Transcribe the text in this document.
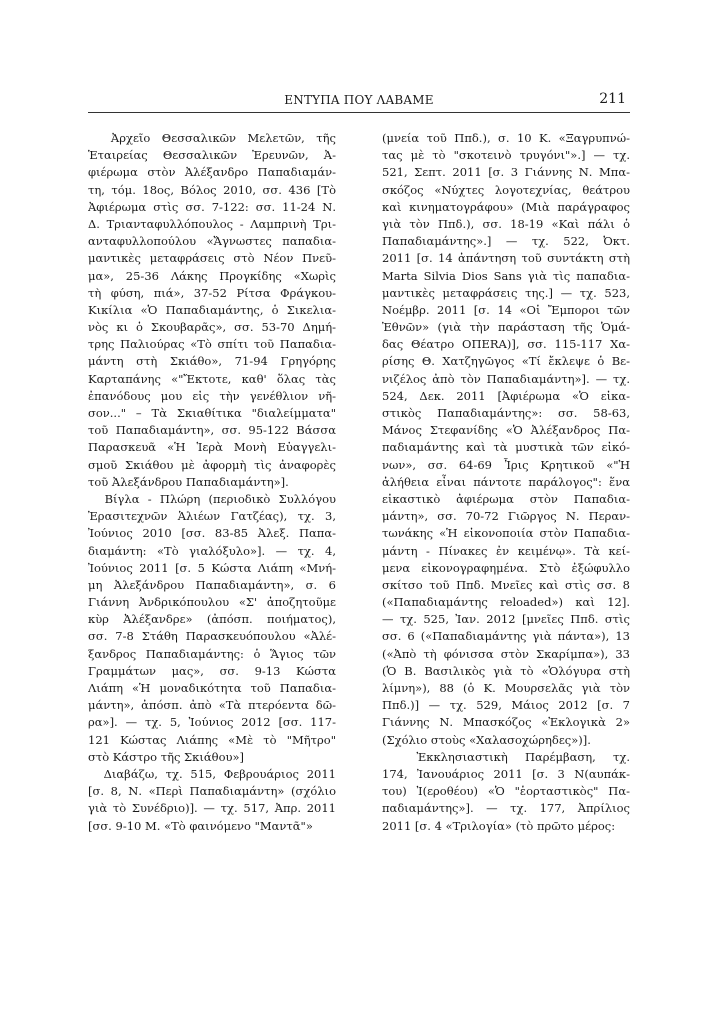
ΕΝΤΥΠΑ ΠΟΥ ΛΑΒΑΜΕ	211
Ἀρχεῖο Θεσσαλικῶν Μελετῶν, τῆς
Ἑταιρείας Θεσσαλικῶν Ἐρευνῶν, Ἀ-
φιέρωμα στὸν Ἀλέξανδρο Παπαδιαμάν-
τη, τόμ. 18ος, Βόλος 2010, σσ. 436 [Τὸ
Ἀφιέρωμα στὶς σσ. 7-122: σσ. 11-24 Ν.
Δ. Τριανταφυλλόπουλος - Λαμπρινὴ Τρι-
ανταφυλλοπούλου «Ἄγνωστες παπαδια-
μαντικὲς μεταφράσεις στὸ Νέον Πνεῦ-
μα», 25-36 Λάκης Προγκίδης «Χωρὶς
τὴ φύση, πιά», 37-52 Ρίτσα Φράγκου-
Κικίλια «Ὁ Παπαδιαμάντης, ὁ Σικελια-
νὸς κι ὁ Σκουβαρᾶς», σσ. 53-70 Δημή-
τρης Παλιούρας «Τὸ σπίτι τοῦ Παπαδια-
μάντη στὴ Σκιάθο», 71-94 Γρηγόρης
Καρταπάνης «"Ἔκτοτε, καθ' ὅλας τὰς
ἐπανόδους μου εἰς τὴν γενέθλιον νῆ-
σον..." – Τὰ Σκιαθίτικα "διαλείμματα"
τοῦ Παπαδιαμάντη», σσ. 95-122 Βάσσα
Παρασκευᾶ «Ἡ Ἱερὰ Μονὴ Εὐαγγελι-
σμοῦ Σκιάθου μὲ ἀφορμὴ τὶς ἀναφορὲς
τοῦ Ἀλεξάνδρου Παπαδιαμάντη»].
Βίγλα - Πλώρη (περιοδικὸ Συλλόγου
Ἐρασιτεχνῶν Ἁλιέων Γατζέας), τχ. 3,
Ἰούνιος 2010 [σσ. 83-85 Ἀλεξ. Παπα-
διαμάντη: «Τὸ γιαλόξυλο»]. — τχ. 4,
Ἰούνιος 2011 [σ. 5 Κώστα Λιάπη «Μνή-
μη Ἀλεξάνδρου Παπαδιαμάντη», σ. 6
Γιάννη Ἀνδρικόπουλου «Σ' ἀποζητοῦμε
κὺρ Ἀλέξανδρε» (ἀπόσπ. ποιήματος),
σσ. 7-8 Στάθη Παρασκευόπουλου «Ἀλέ-
ξανδρος Παπαδιαμάντης: ὁ Ἅγιος τῶν
Γραμμάτων μας», σσ. 9-13 Κώστα
Λιάπη «Ἡ μοναδικότητα τοῦ Παπαδια-
μάντη», ἀπόσπ. ἀπὸ «Τὰ πτερόεντα δῶ-
ρα»]. — τχ. 5, Ἰούνιος 2012 [σσ. 117-
121 Κώστας Λιάπης «Μὲ τὸ "Μῆτρο"
στὸ Κάστρο τῆς Σκιάθου»]
Διαβάζω, τχ. 515, Φεβρουάριος 2011
[σ. 8, Ν. «Περὶ Παπαδιαμάντη» (σχόλιο
γιὰ τὸ Συνέδριο)]. — τχ. 517, Ἀπρ. 2011
[σσ. 9-10 Μ. «Τὸ φαινόμενο "Μαντᾶ"»
(μνεία τοῦ Ππδ.), σ. 10 Κ. «Ξαγρυπνώ-
τας μὲ τὸ "σκοτεινὸ τρυγόνι"».] — τχ.
521, Σεπτ. 2011 [σ. 3 Γιάννης Ν. Μπα-
σκόζος «Νύχτες λογοτεχνίας, θεάτρου
καὶ κινηματογράφου» (Μιὰ παράγραφος
γιὰ τὸν Ππδ.), σσ. 18-19 «Καὶ πάλι ὁ
Παπαδιαμάντης».] — τχ. 522, Ὀκτ.
2011 [σ. 14 ἀπάντηση τοῦ συντάκτη στὴ
Marta Silvia Dios Sans γιὰ τὶς παπαδια-
μαντικὲς μεταφράσεις της.] — τχ. 523,
Νοέμβρ. 2011 [σ. 14 «Οἱ Ἔμποροι τῶν
Ἐθνῶν» (γιὰ τὴν παράσταση τῆς Ὁμά-
δας Θέατρο ΟΠΕRA)], σσ. 115-117 Χα-
ρίσης Θ. Χατζηγῶγος «Τί ἔκλεψε ὁ Βε-
νιζέλος ἀπὸ τὸν Παπαδιαμάντη»]. — τχ.
524, Δεκ. 2011 [Ἀφιέρωμα «Ὁ εἰκα-
στικὸς Παπαδιαμάντης»: σσ. 58-63,
Μάνος Στεφανίδης «Ὁ Ἀλέξανδρος Πα-
παδιαμάντης καὶ τὰ μυστικὰ τῶν εἰκό-
νων», σσ. 64-69 Ἶρις Κρητικοῦ «"Ἡ
ἀλήθεια εἶναι πάντοτε παράλογος": ἕνα
εἰκαστικὸ ἀφιέρωμα στὸν Παπαδια-
μάντη», σσ. 70-72 Γιῶργος Ν. Περαν-
τωνάκης «Ἡ εἰκονοποιία στὸν Παπαδια-
μάντη - Πίνακες ἐν κειμένῳ». Τὰ κεί-
μενα εἰκονογραφημένα. Στὸ ἐξώφυλλο
σκίτσο τοῦ Ππδ. Μνεῖες καὶ στὶς σσ. 8
(«Παπαδιαμάντης reloaded») καὶ 12].
— τχ. 525, Ἰαν. 2012 [μνεῖες Ππδ. στὶς
σσ. 6 («Παπαδιαμάντης γιὰ πάντα»), 13
(«Ἀπὸ τὴ φόνισσα στὸν Σκαρίμπα»), 33
(Ὁ Β. Βασιλικὸς γιὰ τὸ «Ὁλόγυρα στὴ
λίμνη»), 88 (ὁ Κ. Μουρσελᾶς γιὰ τὸν
Ππδ.)] — τχ. 529, Μάιος 2012 [σ. 7
Γιάννης Ν. Μπασκόζος «Ἐκλογικὰ 2»
(Σχόλιο στοὺς «Χαλασοχώρηδες»)].
Ἐκκλησιαστικὴ Παρέμβαση, τχ.
174, Ἰανουάριος 2011 [σ. 3 Ν(αυπάκ-
του) Ἰ(εροθέου) «Ὁ "ἑορταστικὸς" Πα-
παδιαμάντης»]. — τχ. 177, Ἀπρίλιος
2011 [σ. 4 «Τριλογία» (τὸ πρῶτο μέρος:
